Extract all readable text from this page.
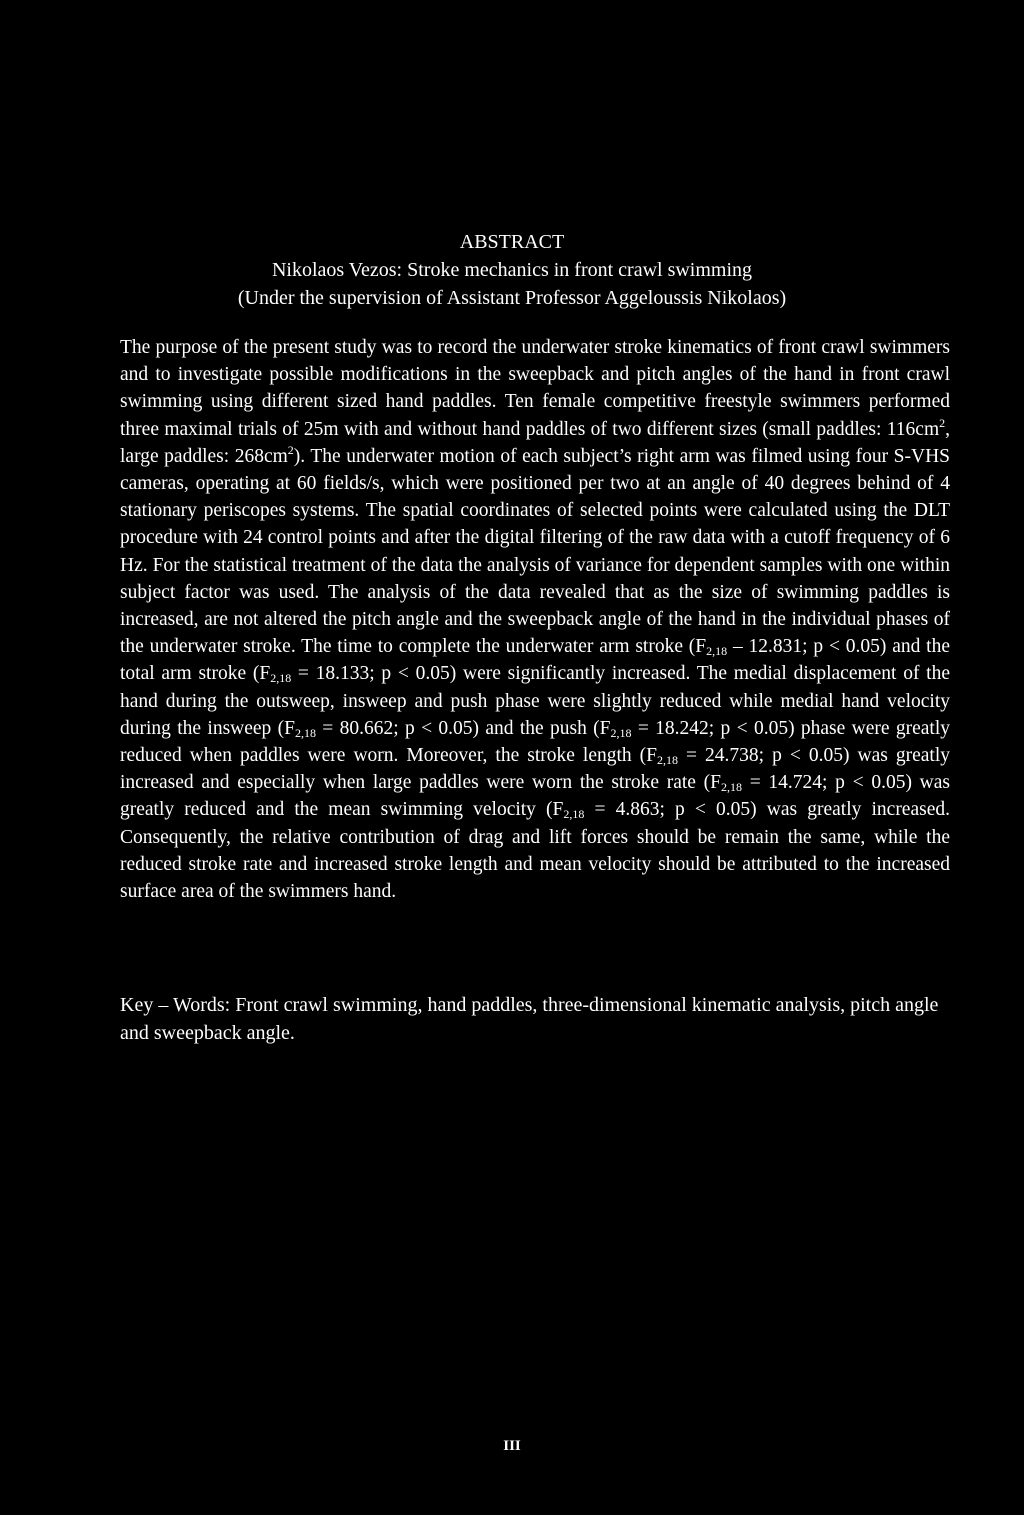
ABSTRACT
Nikolaos Vezos: Stroke mechanics in front crawl swimming
(Under the supervision of Assistant Professor Aggeloussis Nikolaos)
The purpose of the present study was to record the underwater stroke kinematics of front crawl swimmers and to investigate possible modifications in the sweepback and pitch angles of the hand in front crawl swimming using different sized hand paddles. Ten female competitive freestyle swimmers performed three maximal trials of 25m with and without hand paddles of two different sizes (small paddles: $116cm^2$, large paddles: $268cm^2$). The underwater motion of each subject’s right arm was filmed using four S-VHS cameras, operating at 60 fields/s, which were positioned per two at an angle of 40 degrees behind of 4 stationary periscopes systems. The spatial coordinates of selected points were calculated using the DLT procedure with 24 control points and after the digital filtering of the raw data with a cutoff frequency of 6 Hz. For the statistical treatment of the data the analysis of variance for dependent samples with one within subject factor was used. The analysis of the data revealed that as the size of swimming paddles is increased, are not altered the pitch angle and the sweepback angle of the hand in the individual phases of the underwater stroke. The time to complete the underwater arm stroke ($F_{2,18} - 12.831$; p < 0.05) and the total arm stroke ($F_{2,18} = 18.133$; p < 0.05) were significantly increased. The medial displacement of the hand during the outsweep, insweep and push phase were slightly reduced while medial hand velocity during the insweep ($F_{2,18} = 80.662$; p < 0.05) and the push ($F_{2,18} = 18.242$; p < 0.05) phase were greatly reduced when paddles were worn. Moreover, the stroke length ($F_{2,18} = 24.738$; p < 0.05) was greatly increased and especially when large paddles were worn the stroke rate ($F_{2,18} = 14.724$; p < 0.05) was greatly reduced and the mean swimming velocity ($F_{2,18} = 4.863$; p < 0.05) was greatly increased. Consequently, the relative contribution of drag and lift forces should be remain the same, while the reduced stroke rate and increased stroke length and mean velocity should be attributed to the increased surface area of the swimmers hand.
Key – Words: Front crawl swimming, hand paddles, three-dimensional kinematic analysis, pitch angle and sweepback angle.
III
